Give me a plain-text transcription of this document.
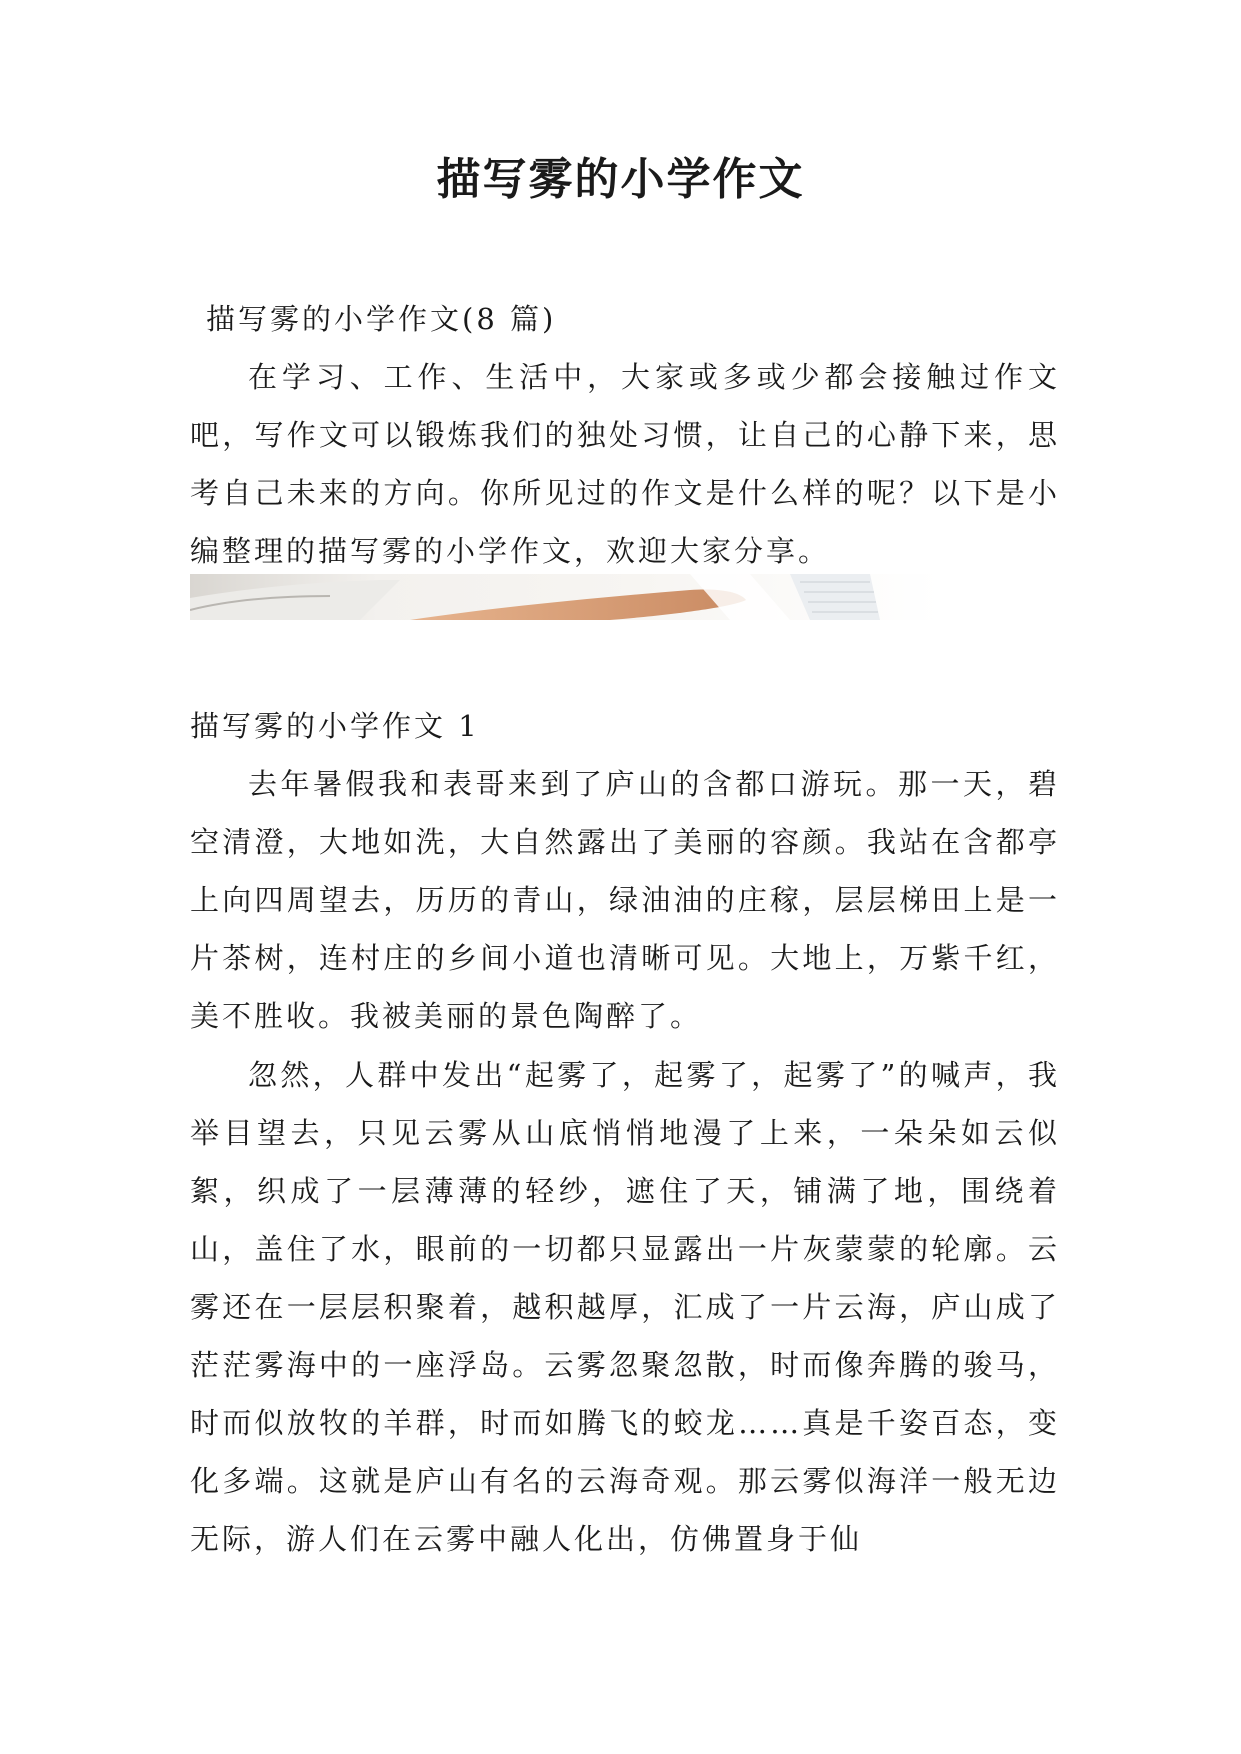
描写雾的小学作文

描写雾的小学作文(8 篇)

在学习、工作、生活中，大家或多或少都会接触过作文吧，写作文可以锻炼我们的独处习惯，让自己的心静下来，思考自己未来的方向。你所见过的作文是什么样的呢？以下是小编整理的描写雾的小学作文，欢迎大家分享。

描写雾的小学作文 1

去年暑假我和表哥来到了庐山的含都口游玩。那一天，碧空清澄，大地如洗，大自然露出了美丽的容颜。我站在含都亭上向四周望去，历历的青山，绿油油的庄稼，层层梯田上是一片茶树，连村庄的乡间小道也清晰可见。大地上，万紫千红，美不胜收。我被美丽的景色陶醉了。

忽然，人群中发出“起雾了，起雾了，起雾了”的喊声，我举目望去，只见云雾从山底悄悄地漫了上来，一朵朵如云似絮，织成了一层薄薄的轻纱，遮住了天，铺满了地，围绕着山，盖住了水，眼前的一切都只显露出一片灰蒙蒙的轮廓。云雾还在一层层积聚着，越积越厚，汇成了一片云海，庐山成了茫茫雾海中的一座浮岛。云雾忽聚忽散，时而像奔腾的骏马，时而似放牧的羊群，时而如腾飞的蛟龙……真是千姿百态，变化多端。这就是庐山有名的云海奇观。那云雾似海洋一般无边无际，游人们在云雾中融人化出，仿佛置身于仙
